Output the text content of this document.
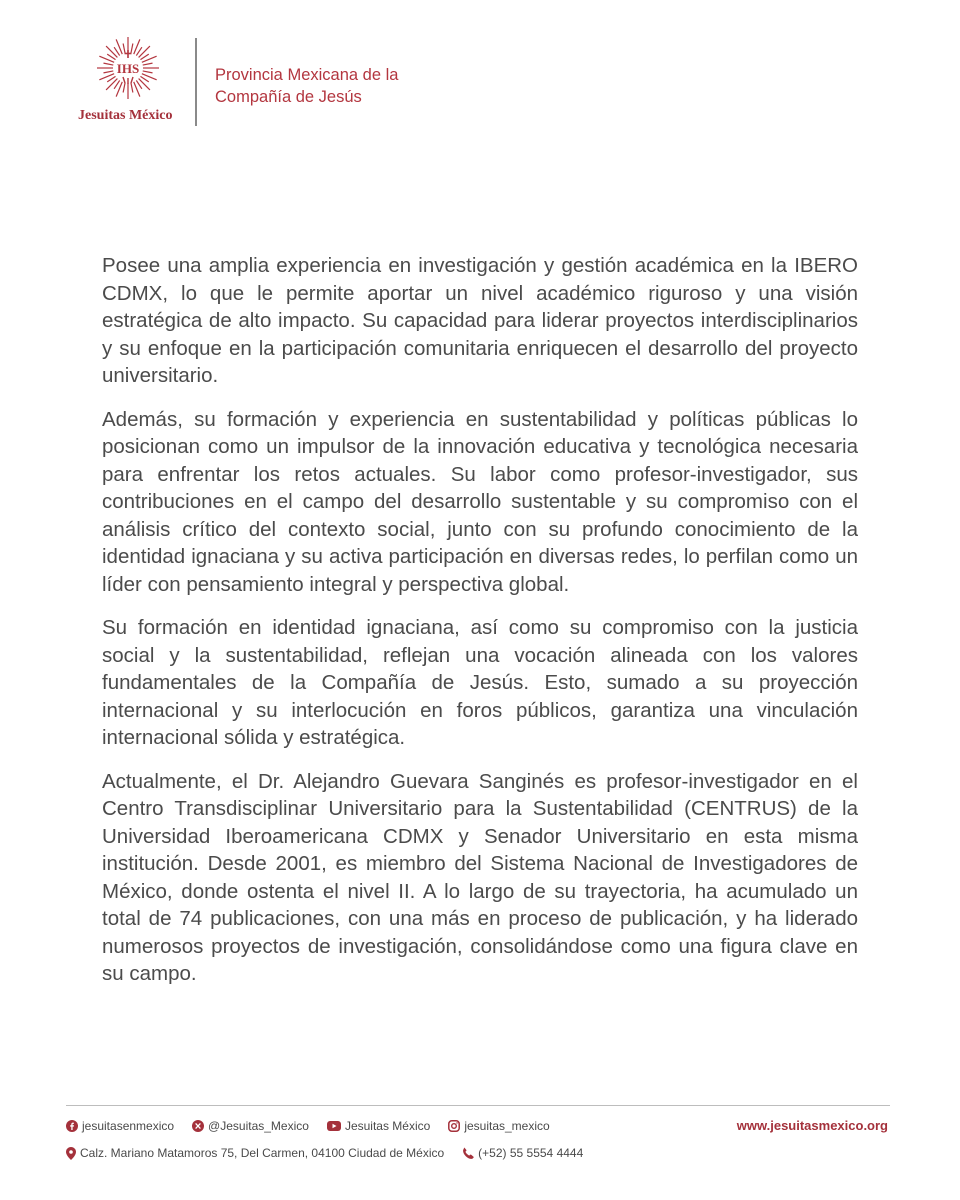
IHS
Jesuitas México
Provincia Mexicana de la
Compañía de Jesús

Posee una amplia experiencia en investigación y gestión académica en la IBERO CDMX, lo que le permite aportar un nivel académico riguroso y una visión estratégica de alto impacto. Su capacidad para liderar proyectos interdisciplinarios y su enfoque en la participación comunitaria enriquecen el desarrollo del proyecto universitario.

Además, su formación y experiencia en sustentabilidad y políticas públicas lo posicionan como un impulsor de la innovación educativa y tecnológica necesaria para enfrentar los retos actuales. Su labor como profesor-investigador, sus contribuciones en el campo del desarrollo sustentable y su compromiso con el análisis crítico del contexto social, junto con su profundo conocimiento de la identidad ignaciana y su activa participación en diversas redes, lo perfilan como un líder con pensamiento integral y perspectiva global.

Su formación en identidad ignaciana, así como su compromiso con la justicia social y la sustentabilidad, reflejan una vocación alineada con los valores fundamentales de la Compañía de Jesús. Esto, sumado a su proyección internacional y su interlocución en foros públicos, garantiza una vinculación internacional sólida y estratégica.

Actualmente, el Dr. Alejandro Guevara Sanginés es profesor-investigador en el Centro Transdisciplinar Universitario para la Sustentabilidad (CENTRUS) de la Universidad Iberoamericana CDMX y Senador Universitario en esta misma institución. Desde 2001, es miembro del Sistema Nacional de Investigadores de México, donde ostenta el nivel II. A lo largo de su trayectoria, ha acumulado un total de 74 publicaciones, con una más en proceso de publicación, y ha liderado numerosos proyectos de investigación, consolidándose como una figura clave en su campo.

jesuitasenmexico	@Jesuitas_Mexico	Jesuitas México	jesuitas_mexico	www.jesuitasmexico.org
Calz. Mariano Matamoros 75, Del Carmen, 04100 Ciudad de México	(+52) 55 5554 4444
